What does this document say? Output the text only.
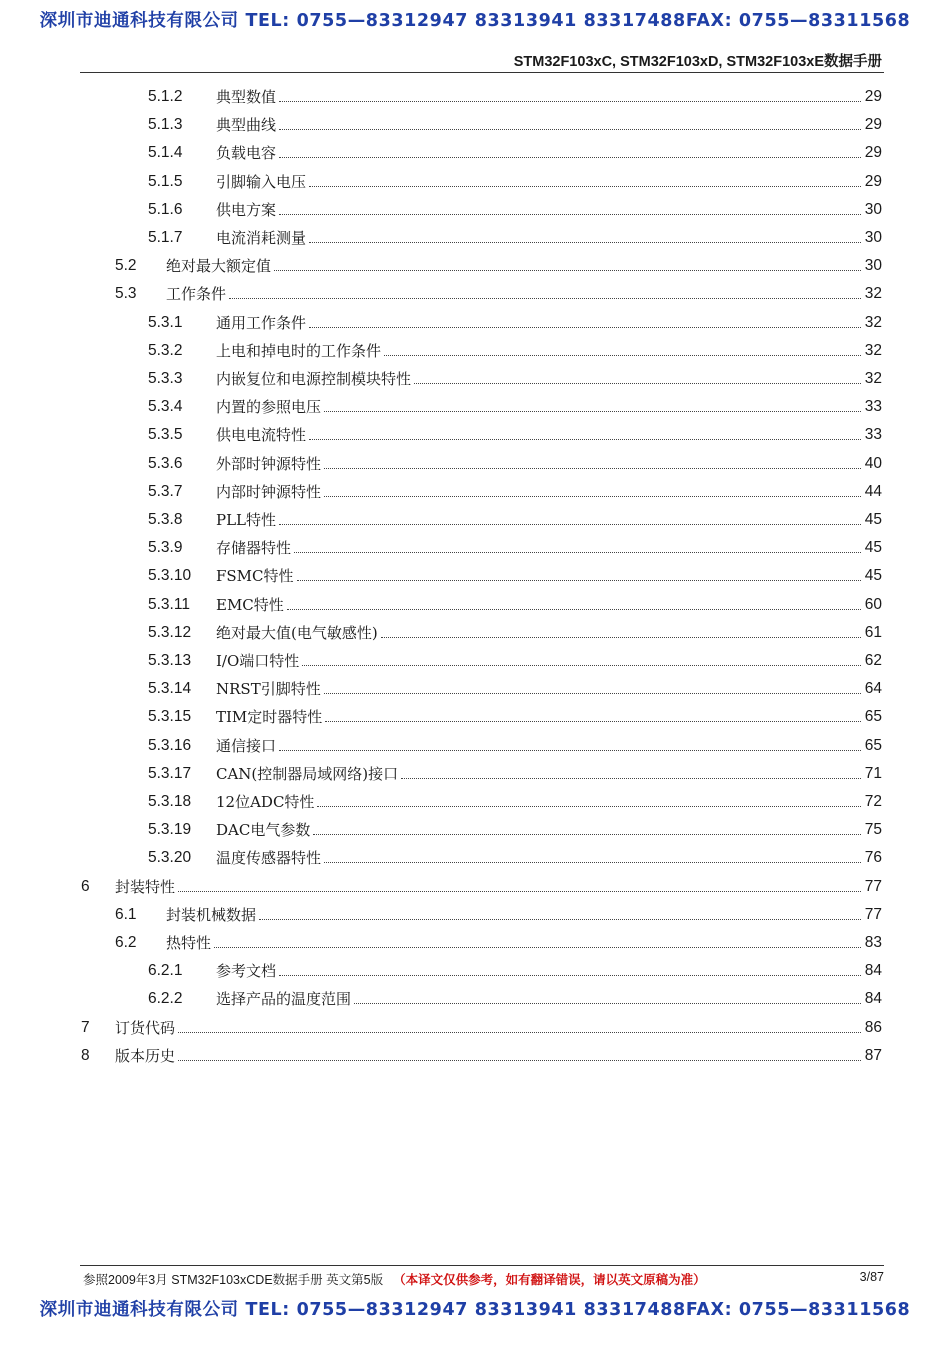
深圳市迪通科技有限公司 TEL: 0755—83312947 83313941 83317488FAX: 0755—83311568
STM32F103xC, STM32F103xD, STM32F103xE数据手册
5.1.2 典型数值	29
5.1.3 典型曲线	29
5.1.4 负载电容	29
5.1.5 引脚输入电压	29
5.1.6 供电方案	30
5.1.7 电流消耗测量	30
5.2 绝对最大额定值	30
5.3 工作条件	32
5.3.1 通用工作条件	32
5.3.2 上电和掉电时的工作条件	32
5.3.3 内嵌复位和电源控制模块特性	32
5.3.4 内置的参照电压	33
5.3.5 供电电流特性	33
5.3.6 外部时钟源特性	40
5.3.7 内部时钟源特性	44
5.3.8 PLL特性	45
5.3.9 存储器特性	45
5.3.10 FSMC特性	45
5.3.11 EMC特性	60
5.3.12 绝对最大值(电气敏感性)	61
5.3.13 I/O端口特性	62
5.3.14 NRST引脚特性	64
5.3.15 TIM定时器特性	65
5.3.16 通信接口	65
5.3.17 CAN(控制器局域网络)接口	71
5.3.18 12位ADC特性	72
5.3.19 DAC电气参数	75
5.3.20 温度传感器特性	76
6 封装特性	77
6.1 封装机械数据	77
6.2 热特性	83
6.2.1 参考文档	84
6.2.2 选择产品的温度范围	84
7 订货代码	86
8 版本历史	87
参照2009年3月 STM32F103xCDE数据手册 英文第5版 （本译文仅供参考，如有翻译错误，请以英文原稿为准）	3/87
深圳市迪通科技有限公司 TEL: 0755—83312947 83313941 83317488FAX: 0755—83311568
